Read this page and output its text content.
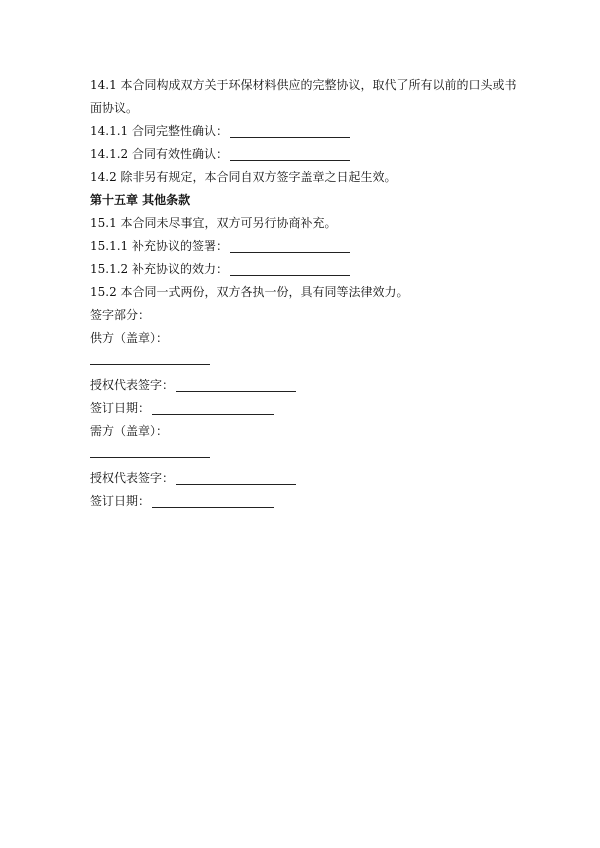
14.1 本合同构成双方关于环保材料供应的完整协议，取代了所有以前的口头或书面协议。

14.1.1 合同完整性确认：

14.1.2 合同有效性确认：

14.2 除非另有规定，本合同自双方签字盖章之日起生效。

第十五章 其他条款

15.1 本合同未尽事宜，双方可另行协商补充。

15.1.1 补充协议的签署：

15.1.2 补充协议的效力：

15.2 本合同一式两份，双方各执一份，具有同等法律效力。

签字部分：

供方（盖章）：

授权代表签字：

签订日期：

需方（盖章）：

授权代表签字：

签订日期：
